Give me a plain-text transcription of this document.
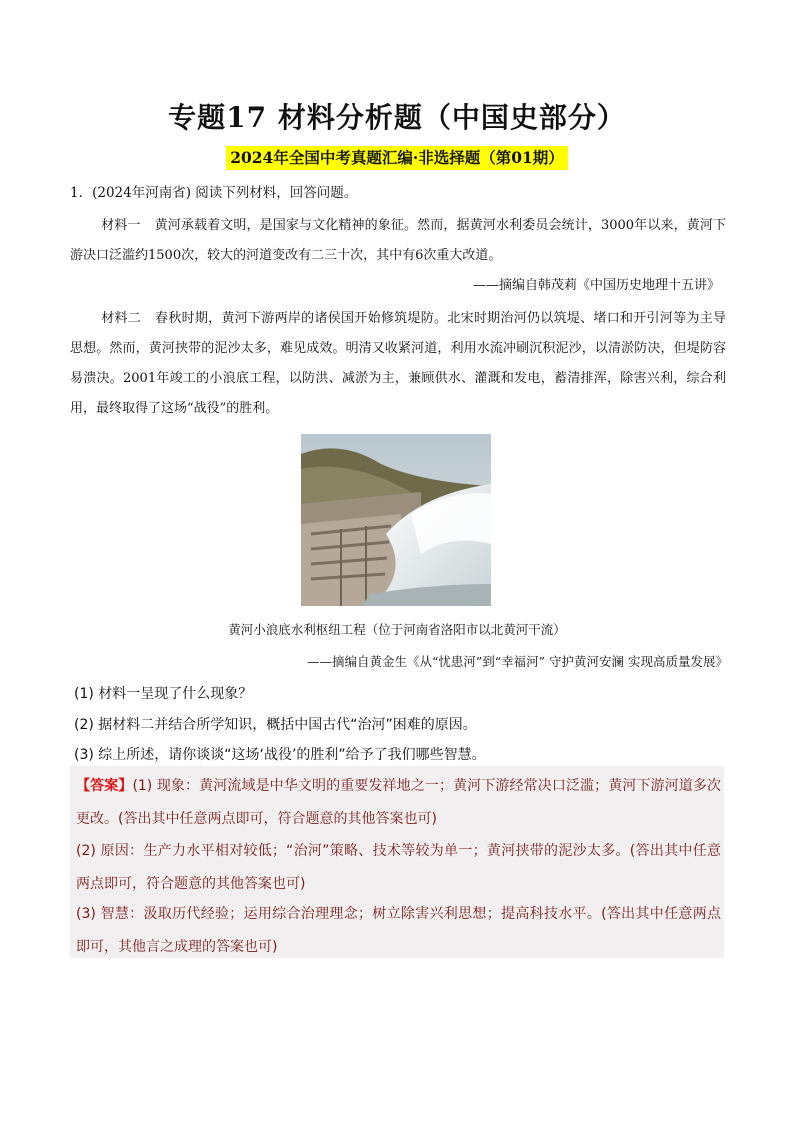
专题17 材料分析题（中国史部分）
2024年全国中考真题汇编·非选择题（第01期）
1．(2024年河南省) 阅读下列材料，回答问题。

材料一 黄河承载着文明，是国家与文化精神的象征。然而，据黄河水利委员会统计，3000年以来，黄河下游决口泛滥约1500次，较大的河道变改有二三十次，其中有6次重大改道。

——摘编自韩茂莉《中国历史地理十五讲》

材料二 春秋时期，黄河下游两岸的诸侯国开始修筑堤防。北宋时期治河仍以筑堤、堵口和开引河等为主导思想。然而，黄河挟带的泥沙太多，难见成效。明清又收紧河道，利用水流冲刷沉积泥沙，以清淤防决，但堤防容易溃决。2001年竣工的小浪底工程，以防洪、减淤为主，兼顾供水、灌溉和发电，蓄清排浑，除害兴利，综合利用，最终取得了这场“战役”的胜利。

黄河小浪底水利枢纽工程（位于河南省洛阳市以北黄河干流）
——摘编自黄金生《从“忧患河”到“幸福河” 守护黄河安澜 实现高质量发展》
(1) 材料一呈现了什么现象？
(2) 据材料二并结合所学知识，概括中国古代“治河”困难的原因。
(3) 综上所述，请你谈谈“这场‘战役’的胜利”给予了我们哪些智慧。

【答案】(1) 现象：黄河流域是中华文明的重要发祥地之一；黄河下游经常决口泛滥；黄河下游河道多次更改。(答出其中任意两点即可，符合题意的其他答案也可)

(2) 原因：生产力水平相对较低；“治河”策略、技术等较为单一；黄河挟带的泥沙太多。(答出其中任意两点即可，符合题意的其他答案也可)

(3) 智慧：汲取历代经验；运用综合治理理念；树立除害兴利思想；提高科技水平。(答出其中任意两点即可，其他言之成理的答案也可)
